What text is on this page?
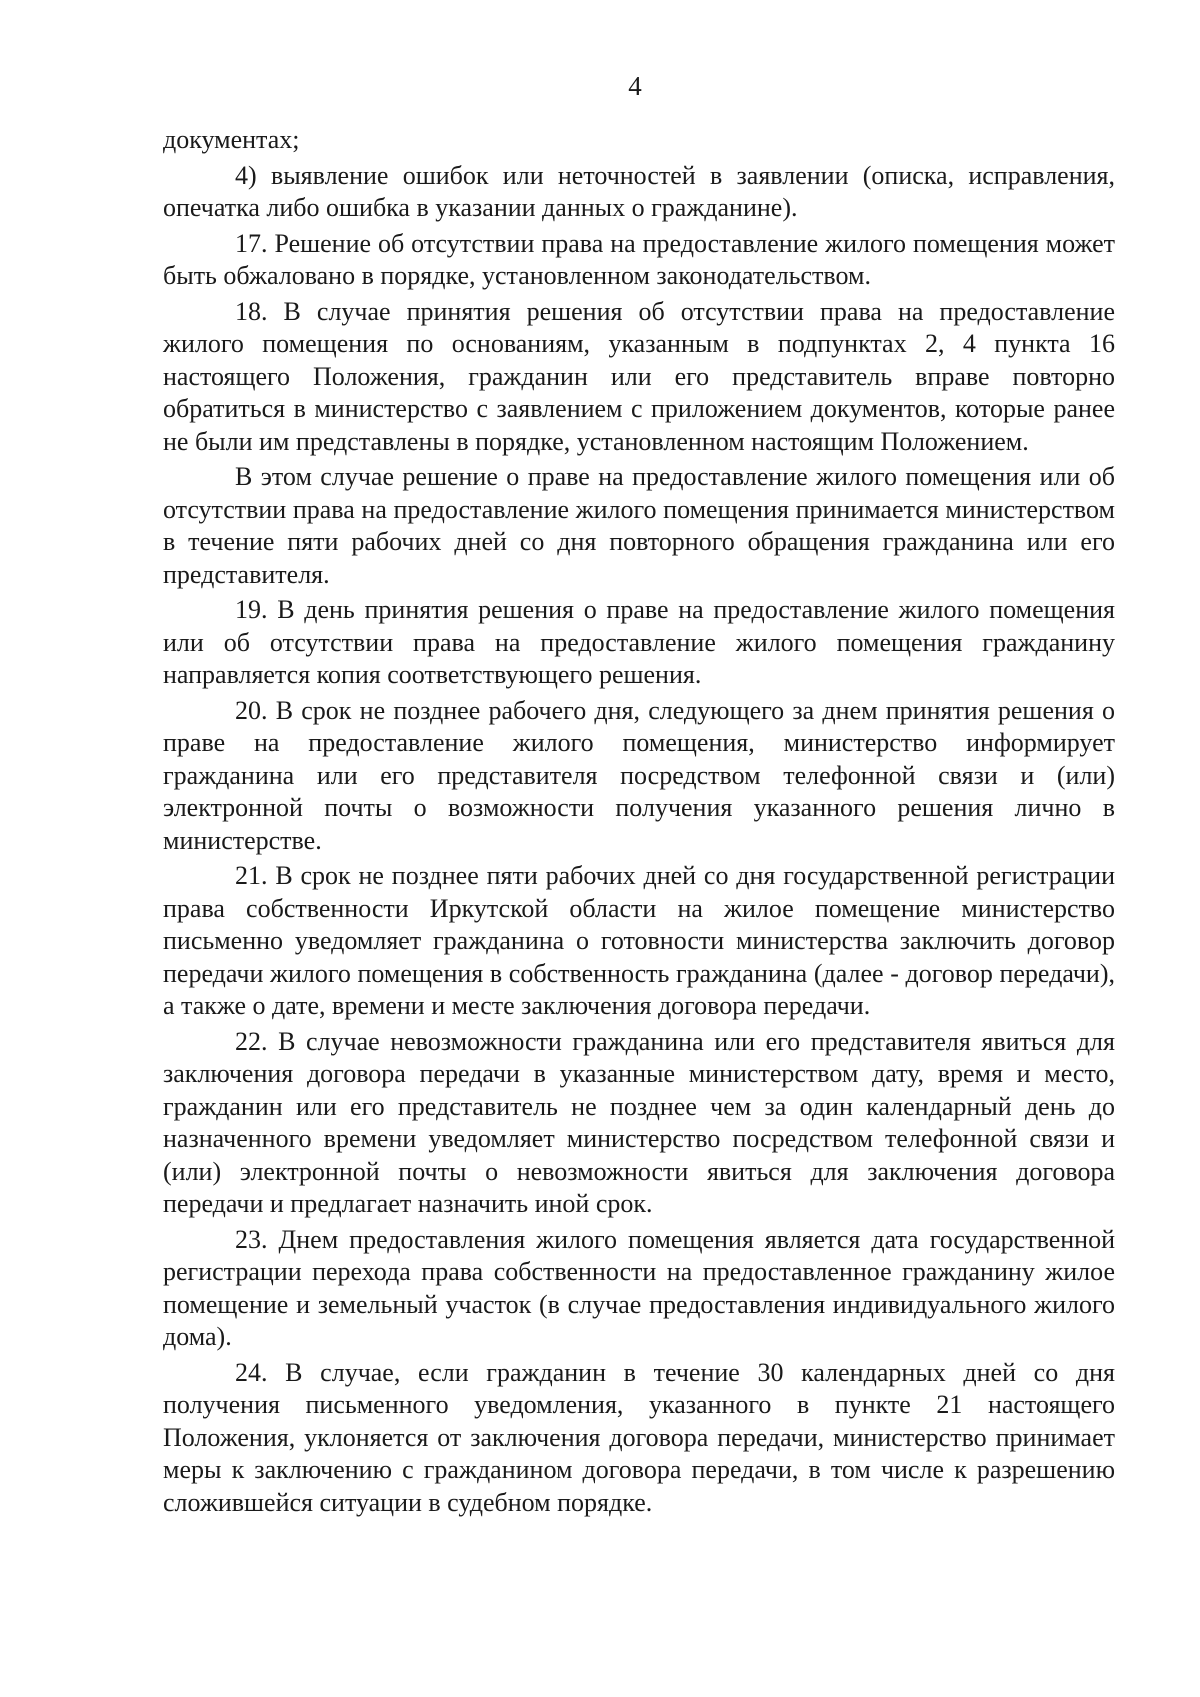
4

документах;

4) выявление ошибок или неточностей в заявлении (описка, исправления, опечатка либо ошибка в указании данных о гражданине).

17. Решение об отсутствии права на предоставление жилого помещения может быть обжаловано в порядке, установленном законодательством.

18. В случае принятия решения об отсутствии права на предоставление жилого помещения по основаниям, указанным в подпунктах 2, 4 пункта 16 настоящего Положения, гражданин или его представитель вправе повторно обратиться в министерство с заявлением с приложением документов, которые ранее не были им представлены в порядке, установленном настоящим Положением.

В этом случае решение о праве на предоставление жилого помещения или об отсутствии права на предоставление жилого помещения принимается министерством в течение пяти рабочих дней со дня повторного обращения гражданина или его представителя.

19. В день принятия решения о праве на предоставление жилого помещения или об отсутствии права на предоставление жилого помещения гражданину направляется копия соответствующего решения.

20. В срок не позднее рабочего дня, следующего за днем принятия решения о праве на предоставление жилого помещения, министерство информирует гражданина или его представителя посредством телефонной связи и (или) электронной почты о возможности получения указанного решения лично в министерстве.

21. В срок не позднее пяти рабочих дней со дня государственной регистрации права собственности Иркутской области на жилое помещение министерство письменно уведомляет гражданина о готовности министерства заключить договор передачи жилого помещения в собственность гражданина (далее - договор передачи), а также о дате, времени и месте заключения договора передачи.

22. В случае невозможности гражданина или его представителя явиться для заключения договора передачи в указанные министерством дату, время и место, гражданин или его представитель не позднее чем за один календарный день до назначенного времени уведомляет министерство посредством телефонной связи и (или) электронной почты о невозможности явиться для заключения договора передачи и предлагает назначить иной срок.

23. Днем предоставления жилого помещения является дата государственной регистрации перехода права собственности на предоставленное гражданину жилое помещение и земельный участок (в случае предоставления индивидуального жилого дома).

24. В случае, если гражданин в течение 30 календарных дней со дня получения письменного уведомления, указанного в пункте 21 настоящего Положения, уклоняется от заключения договора передачи, министерство принимает меры к заключению с гражданином договора передачи, в том числе к разрешению сложившейся ситуации в судебном порядке.
